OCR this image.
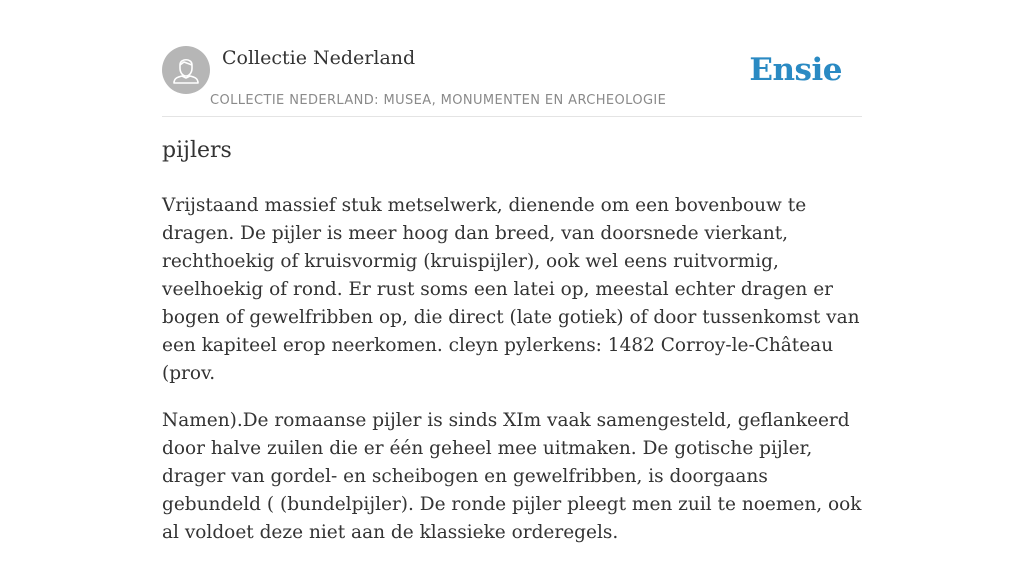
Collectie Nederland
COLLECTIE NEDERLAND: MUSEA, MONUMENTEN EN ARCHEOLOGIE
Ensie
pijlers

Vrijstaand massief stuk metselwerk, dienende om een bovenbouw te dragen. De pijler is meer hoog dan breed, van doorsnede vierkant, rechthoekig of kruisvormig (kruispijler), ook wel eens ruitvormig, veelhoekig of rond. Er rust soms een latei op, meestal echter dragen er bogen of gewelfribben op, die direct (late gotiek) of door tussenkomst van een kapiteel erop neerkomen. cleyn pylerkens: 1482 Corroy-le-Château (prov.

Namen).De romaanse pijler is sinds XIm vaak samengesteld, geflankeerd door halve zuilen die er één geheel mee uitmaken. De gotische pijler, drager van gordel- en scheibogen en gewelfribben, is doorgaans gebundeld ( (bundelpijler). De ronde pijler pleegt men zuil te noemen, ook al voldoet deze niet aan de klassieke orderegels.
